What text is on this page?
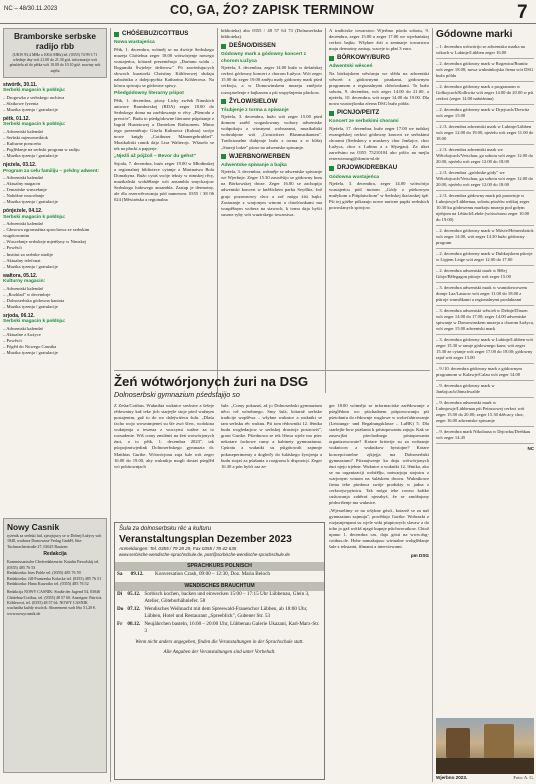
NC – 48/30.11.2023	CO, GA, ŹO? ZAPISK TERMINOW	7
Bramborske serbske radijo rbb
(UKW 93,4 MHz a 100,6 MHz) tel. (0355) 74 99 3 71 wšednje dny wót 21.00 do 21.30 góź. informacije wót pónóźela až do pětka wót 10.00 do 10.10 góź. nowiny wót zajtša
stwórtk, 30.11.
Serbski magacin k połdnju:
– Drogowka z serbskego archiwa
– Sfatkowe fyzenia
– Muzika tyzenja / gratulacije
pětk, 01.12.
Serbski magacin k połdnju:
– Adwentski kalendaŕ
– Serbski mjenowniḱtok
– Kulturne poruceńa
– Poglědanje na serbski program w radiju
– Muzika tyzenja / gratulacije
njeźela, 03.12.
Program za cełu familiju – prědny adwent:
– Adwentski kalendaŕ
– Aktualny magacin
– Tematiske wuscełanje
– Nabóžne wuscełanje
– Muzika tyzenja / gratulacije
pónjeźele, 04.12.
Serbski magacin k połdnju:
– Adwentski kalendaŕ
– Głosowa zgromaźina sprochowa ze serbskim wugótowanim
– Wuscełanje serbskeje mjeńšyny w Nimskej
– Powěsći
– Institut za serbske studije
– Aktualny telefonat
– Muzika tyzenja / gratulacije
wałtora, 05.12.
Kulturny magacin:
– Adwentski kalendaŕ
– „Rozhlad" w decembrje
– Dolnoserbska gódowna kantata
– Muzika tyzenja / gratulacije
srjoda, 06.12.
Serbski magacin k połdnju:
– Adwentski kalendaŕ
– Aktualne z Łużyce
– Powěsći
– Pógěd do Nowego Casnika
– Muzika tyzenja / gratulacije
Nowy Casnik
tyźenik za serbski lud, zjawjujucy se w Dolnej Łužycy wót 1848, wudawa Domowina-Verlag GmbH, Sitz: Tuchmacherstraße 27, 02625 Bautzen
Redakcija
Kommissarische Chefredakteurin: Katalin Pawolskij tel. (0355) 485 76 53
Redaktorka: Ines Pohle tel. (0355) 485 76 59
Redaktorka: Jill-Franzeska Kolacke tel. (0355) 485 76 51
Redaktorka: Hana Kurzotko tel. (0355) 485 76 52
Redakcija NOWY CASNIK: Straße der Jugend 54, 03046 Chóśebuz/Cottbus, tel. (0355) 48 57 60. Anzeigen: Patricia Köhlerová, tel. (0355) 48 57 64. NOWY CASNIK wuchadźa kuždy stwórtk. Abonement wob lěto 51,20 €. www.nowycasnik.de
CHÓŚEBUZ/COTTBUS
Nowa wustajeńca

Pětk, 1. decembra, wótměj se na dwórje Serbskego muzeja Chóśebuz zeger 18.00 wótwórjenje nowego wustajeńca, kótaraž prezentěrujo „Dariunu wódu – Bogumiła Šwjeleje defterow." Pó zawiedujucych słowach kuratorki Christiny Köhlerowej słušaju naboźniku z dalejopyrbta Katharina Köhlerowa. Na kóncu spiwaju se gódowne spiwy.

Pšedgódowny literarny pśipot

Pětk, 1. decembra, pśosy Lichy zwězk Nimskich antwore Bramborskej (RDA) zeger 18.00 do Serbskego doma na zarědowanje w rěcy „Pšenodu z prewiće". Budu to pśedgódowne literarne pśipótanje z Ingrid Hustetowej a Danielom Rathsonem. Mimo tego prezentěrujo Gisela Kalinowa (Kalina) swójo nowe knigły „Cottbuser Männergebrubbel". Muzikaliski ramik dajo Lisa Walterojc. Wšaselo se tek na płacki a papjerje.

„Njeźli až pójźoš – Bevor du gehst"

Srjoda, 7. decembra, buźo zeger 19.00 w Młodinskej a regionalnej bibliotece cytanje z Marinatwu Bola Domakyna. Bužo cytaś swóje teksty w nimskej rěcy, muzikaliski wobźěłanje wót ansambla smyckarjow Serbskego ludowego ansambla. Zastup je dermotny, ale dla rezerwěrowanja pód numerom: 0355 / 38 06 024 (Měsćańska a regionalna

biblioteka) abo 0355 / 48 57 64 73 (Dolnoserbska biblioteka).

DEŠNO/DISSEN
Gódowny mark a gódowny koncert z chorom Łužyca

Njeźela, 3. decembra, zeger 14.00 bužo w dešańskej cerkwi gódowny koncert z chorom Łužyca. Wót zeger 15.00 do zeger 19.00 změju mały gódowny mark pśed cerkwju, a w Domowinskem muzeju změjośo rozwjaselenje z bajkarom a pśi wupyšnjeniu plackow.

ŽYLOW/SIELOW
Tšubjenje z torma a spiwanje

Njeźela, 3. decembra, bužo wót zeger 15.00 pśed domom zarěd wogaslowany wobory adwentske wobpokoju z wiasnymi wobrazami, muzikaliski wobrubjone wót „Crostwitzer Blasmusikanten". Tradicionelne tšubjenje bužo z torma a w blišej „Stareji lodze" pśose na adwentske spiwanje.

WJERBNO/WERBEN
Adwentske spiwanje a bajka

Njeźela, 3. decembra, wótměje se adwentske spiwanje we Wjerbnje. Zeger 15.30 zaswěśijo se gódowny bom na Bórkowskej droze. Zeger 16.00 se zachopijo adwentski koncert w kněžickem parku Seydlitz, žož grajo pozawnowy chor a zoř mógu źiśi bajki. Zastaranje z warjonym winom a chtošćonkami ma wuspěšnym wobera na stawoch, k tomu dajo hyšći susone ryby wót wuzirskego towarstwa.

A tradiciske towarstwo Wjerbno pśoda sobotu, 9. decembra, zeger 15.00 a zeger 17.00 we wjerbańskej cerkwi bajku. Wšykne źiśi a zentnarje towarstwa maju dermotny zastup, waceje to płaś 3 euro.

BÓRKOWY/BURG
Adwentski wěsceń

Na bórkojskem wěsćanju we slědu na adwentski wěsceń z gódownymi pisnkami, gódownym programom a regionalnymi chłoćonkami. To bužo sobotu, 9. decembra, wót zeger 14.00 do 21.00, a njeźelu, 10. decembra, wót zeger 14.00 do 19.00. Dla nowa wustwjšonka zferna DSG bužo pólda.

PICNJO/PEITZ
Koncert ze serbskimi chorami

Njeźela, 17. decembra, bužo zeger 17.00 we tudskej ewangelskej cerkwi gódowny koncert ze serbskimi chorami (Serbskecy a muskecy chor Janšojce, chor Łužyca, chor z Lubina a z Sřjsegau). Za tiket zarwěsino na 0355 75210104 abo pišćo na mejlu reserwierung@domin-nl.de

DRJOWK/DREBKAU
Gódowna wustajeńca

Njeźela, 3. decembra, zeger 14.00 wótwórijo wustajeńcu pód motom „Gódy z pśekowym mužykom a Pittplatschom" w Serbskej tkaćarskej śpě. Pśi tej góźbe pókazujo nowe naricne pupki serbskich powoslanych spiwjow.

Gódowne marki
– 1. decembra wótwórijo se adwentsko marka na wikach w Lubinje/Lübben zeger 16.00
– 2. decembra gódowny mark w Rogenicu/Branitz wót zeger 18.00; nowa wukninkojska firma wót DSG bužo pólda
– 2. decembra gódowny mark z programom w Gołkojcach/Kolkwitz wót zeger 14.00 do 20.00 w pśi cerkwi (zeger 14.00 nabóźnina)
– 2. decembra gódowny mark w Drjejcach/Drewitz wót zeger 15.00
– 2./3. decembra adwentski mark w Lubinje/Lübben wót zeger 12.00 do 19.00, njeźelu wót zeger 11.00 do 18.00
– 2./3. decembra adwentski mark we Wětošojcach/Vetschau, ga sobotu wót zeger 12.00 do 20.00, njeźelu wót zeger 12.00 do 18.00
– 2./3. decembra „gródoske gódy" we Wětošojcach/Vetschau, ga sobotu wót zeger 12.00 do 20.00, njeźelu wót zeger 12.00 do 18.00
– 2./3. decembra gódowny mark pśi pastwinje w Lubnjowje/Lübbenau, sobotu pśoźćtu wótkuj zeger 10.30 ku gódowemu markoju muzeja pod gołym njebjom na Lědach/Lehde (wótwórono zeger 10.00 do 19.00)
– 2. decembra gódowny mark w Mósće/Heinersbrück wót zeger 14.00, wót zeger 14.30 bužo gódowny program
– 2. decembra gódowny mark w Dubkojskem pśiroje w Lipjem Leige wót zeger 12.00 do 17.00
– 2. decembra adwentski mark w Bělej Górje/Bělegagon pśiroje wót zeger 15.00
– 3. decembra adwentski mark w wumiśtewowem domje Laz/Lausow wót zeger 11.00 do 18.00 z pśiroje wumiškami a regionalnymi produktami
– 3. decembra adwentski wěsceň w Dešnje/Dissen wót zeger 14.00 do 17.00; zeger 14.00 adwentske spiwanje w Domowinskem muzeju a chorom Łužyca, wót zeger 15.00 adwentski mark
– 3. decembra gódowny mark w Lubinje/Lübben wót zeger 15.30 w ramje gódownego kaza; wót zeger 15.30 ze cytanje wót zeger 17.00 do 18.00; gódowny rajaf wót zeger 13.00
– 9./10. decembra gódowny mark z gódownym programom w Kalawje/Calau wót zeger 14.00
– 9. decembra gódowny mark w Janšojcach/Jänschwalde
– 9. decembra adwentski mark w Lubnjowje/Lübbenau pśi Petrusowej cerkwi wót zeger 15.00 do 20.00; zeger 15.30 dźěcacy chor, zeger 16.00 adwentske spiwanje
– 9. decembra mark Nikolausa w Drjowku/Drebkau wót zeger 14.45
NC
Wjerbno 2023.	Foto: A. G.
Žeń wótwórjonych źuri na DSG
Dolnoserbski gymnazium pśedstajijo so

Z Ześta/Cottbus. Wuknikia wuknice sreźnice a šešeje rědowniny kaž teke jich starjejše stoje pśed wažnym postajenim, gaž to do wo dalejwiźecu šulu. „Dlaśa facho wojo wownimjeneś su šfe zwó šferc, wołokina wuknjenja a teszeaa z wuccymi wažne za to rozsudenie. Wiš comy zmóžniś na žeń wotwórjonych źuri, a to pětk, 1. decembra 2023", tak pśopojimiwjedink Dolnoserbskego gymnazia dr. Matthias Gurtke. Wótwórjonu zuja šule wót zeger 16.00 do 19.00, aby wuknikjo mogli dostaś pśeglěd wó pobitownjach

šule. „Comy pokazaś, až jo Dolnoserbski gymnazium něco ceł wósebnego. Smy šula, kótaraž serbske tradicije wopšěwa – wšykne wuknice a wukniki se tam serbsku rěc wuknu. Pśi tom rědowniki 12. lětnika budu wogledarjow w serbskej drastwje postrowiś", groni Gurtke. Pśiednowa se tek lětosa wjele mo pśec nekotare fachowe rumy a kabinety gymnaziuma. Cpśratu a wukniki su pśigótowali zajmnje pokaseperimenty a dogleďy do šuláskego žywjenja a budu stojaś za pśašania a rozgronu k dispozicji. Zeger 16.30 a pón hyšći raz ze-

ger 18.00 wótmějo se informaciske zarědowanje z pśeglědom wo pśichadnem pótpowowanju pśi pśetolaniu do rědownje wuglowe w wobeťahirowanje (Leistungs- und Begabungsklasse – LuBK) 5. Dla staršejše bow pśašania k póstupowaniu zajuja. Kak se zasowjšni pśechodnego póstupowania organizowowate? Kotare kriterije su za wobranje wuknicow a wuknikow bytstojne? Kotare koncepcionelne zjkjejja ma Dolnoserbski gymnazium? Pśiznajwenje ku dnju wótwórjonych źuri njejo trjebne. Wuknice a wukniki 12. lětnika, ako se na organizaciji wobźělju, natwarjuju stojnicu z warjonym winom na šuláskem dworu. Wuknikowe firma teke pśedawa swóje produkty w jadna z cerkweju-pytnicu. Tak mógu teke rowno krátke cuśtowanja zaběraś njezabyś, že se zmóžnjony pódwrtšenje ma wuknice.

„Wjesselimy se na wšykne gósći, kotarež se za naš gymnazium zajmuju", powědajo Gurtke. Wobrazki z rozjasnjenjami su wjele wiki pśaptowych slavaw a do toho jo gaž wótkš njagó kupnje pśichworatkow. Chtož njamo 1. decembra cas, dajo gósti na www.dsg-cottbus.de. Hobe namakajuso wirtualne wobglědanje šule z tekstami, filmami a interviewami.

pm DSG
Šula za dolnoserbsku rěc a kulturu
Veranstaltungsplan Dezember 2023
Anmeldungen: Tel. 0355 / 79 28 29, Fax 0355 / 78 42 635
www.serbische-wendische-sprachschule.de, post@sorbische-wendische-sprachschule.de
SPRACHKURS POLNISCH
Sa	09.12.	Konversation Crash, 09:00 – 12:30, Doz. Maria Beloch
WENDISCHES BRAUCHTUM
Di	05.12.	Sorbisch kochen, backen und einwecken 15:00 – 17:15 Uhr Lübbenau, Glein 3, Atelier, Göteborhähnlefer. 58
Do	07.12.	Wendisches Weihnacht mit dem Spreewald-Frauenchor Lübben, ab 18:00 Uhr, Lübben, Hotel und Restaurant „Spreeblick", Gubener Str. 53
Fr	08.12.	Neujährchen basteln, 16:00 – 20:00 Uhr, Lübbenau Galerie Ukazani, Karl-Marx-Str. 3
Wenn nicht anders angegeben, finden die Veranstaltungen in der Sprachschule statt.
Alle Angaben der Veranstaltungen sind unter Vorbehalt.
